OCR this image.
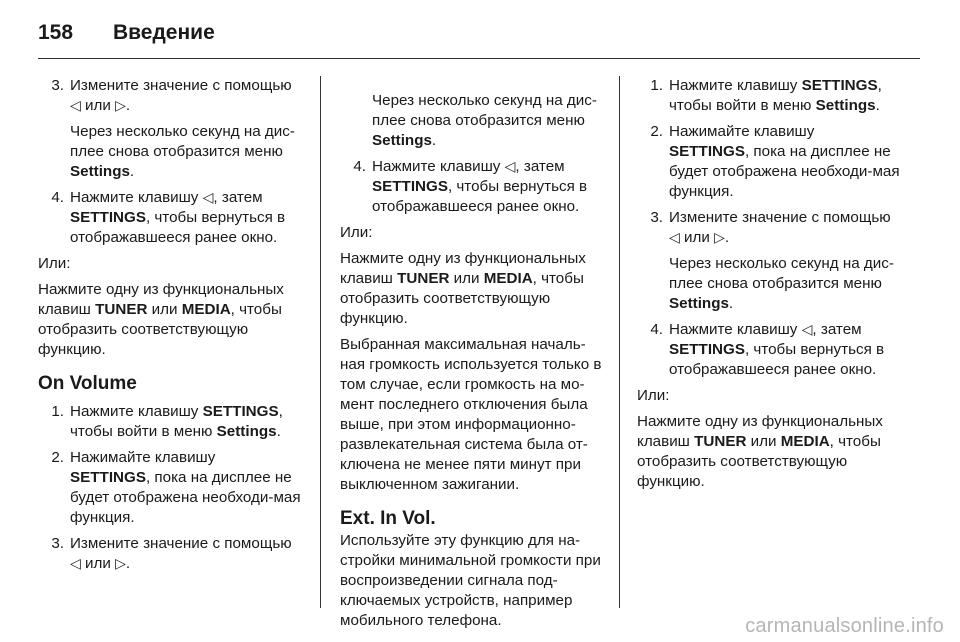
158	Введение
3. Измените значение с помощью ◁ или ▷.

Через несколько секунд на дис-плее снова отобразится меню Settings.

4. Нажмите клавишу ◁, затем SETTINGS, чтобы вернуться в отображавшееся ранее окно.

Или:

Нажмите одну из функциональных клавиш TUNER или MEDIA, чтобы отобразить соответствующую функцию.

On Volume
1. Нажмите клавишу SETTINGS, чтобы войти в меню Settings.

2. Нажимайте клавишу
SETTINGS, пока на дисплее не будет отображена необходи-мая функция.

3. Измените значение с помощью ◁ или ▷.

Через несколько секунд на дис-плее снова отобразится меню Settings.

4. Нажмите клавишу ◁, затем SETTINGS, чтобы вернуться в отображавшееся ранее окно.

Или:

Нажмите одну из функциональных клавиш TUNER или MEDIA, чтобы отобразить соответствующую функцию.

Выбранная максимальная началь-ная громкость используется только в том случае, если громкость на мо-мент последнего отключения была выше, при этом информационно-развлекательная система была от-ключена не менее пяти минут при выключенном зажигании.

Ext. In Vol.

Используйте эту функцию для на-стройки минимальной громкости при воспроизведении сигнала под-ключаемых устройств, например мобильного телефона.

1. Нажмите клавишу SETTINGS, чтобы войти в меню Settings.

2. Нажимайте клавишу
SETTINGS, пока на дисплее не будет отображена необходи-мая функция.

3. Измените значение с помощью ◁ или ▷.

Через несколько секунд на дис-плее снова отобразится меню Settings.

4. Нажмите клавишу ◁, затем SETTINGS, чтобы вернуться в отображавшееся ранее окно.

Или:

Нажмите одну из функциональных клавиш TUNER или MEDIA, чтобы отобразить соответствующую функцию.

carmanualsonline.info
